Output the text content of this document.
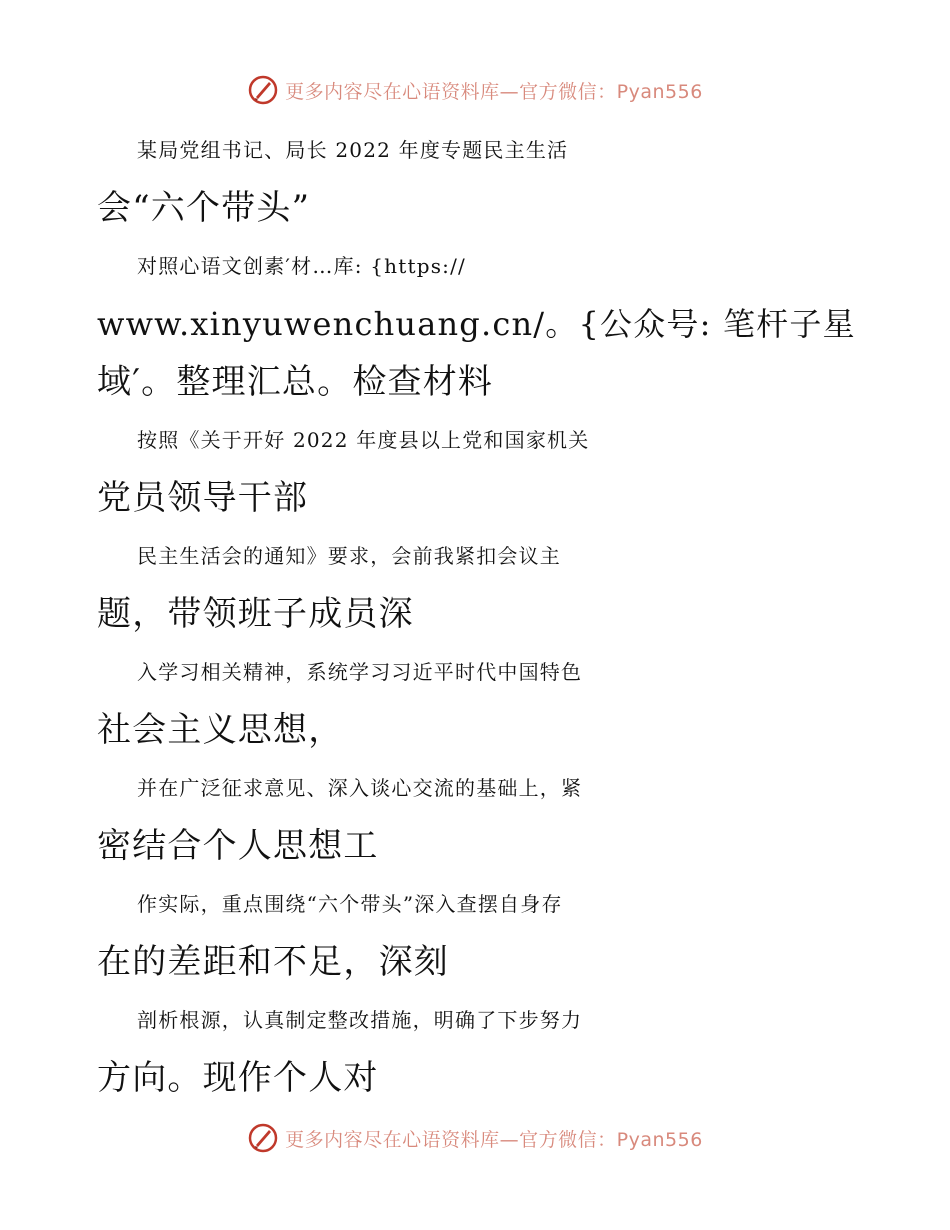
更多内容尽在心语资料库—官方微信：Pyan556
某局党组书记、局长 2022 年度专题民主生活
会“六个带头”
对照心语文创素′材…库: {https://
www.xinyuwenchuang.cn/。{公众号: 笔杆子星
域′。整理汇总。检查材料
按照《关于开好 2022 年度县以上党和国家机关
党员领导干部
民主生活会的通知》要求，会前我紧扣会议主
题，带领班子成员深
入学习相关精神，系统学习习近平时代中国特色
社会主义思想，
并在广泛征求意见、深入谈心交流的基础上，紧
密结合个人思想工
作实际，重点围绕“六个带头”深入查摆自身存
在的差距和不足，深刻
剖析根源，认真制定整改措施，明确了下步努力
方向。现作个人对
更多内容尽在心语资料库—官方微信：Pyan556
